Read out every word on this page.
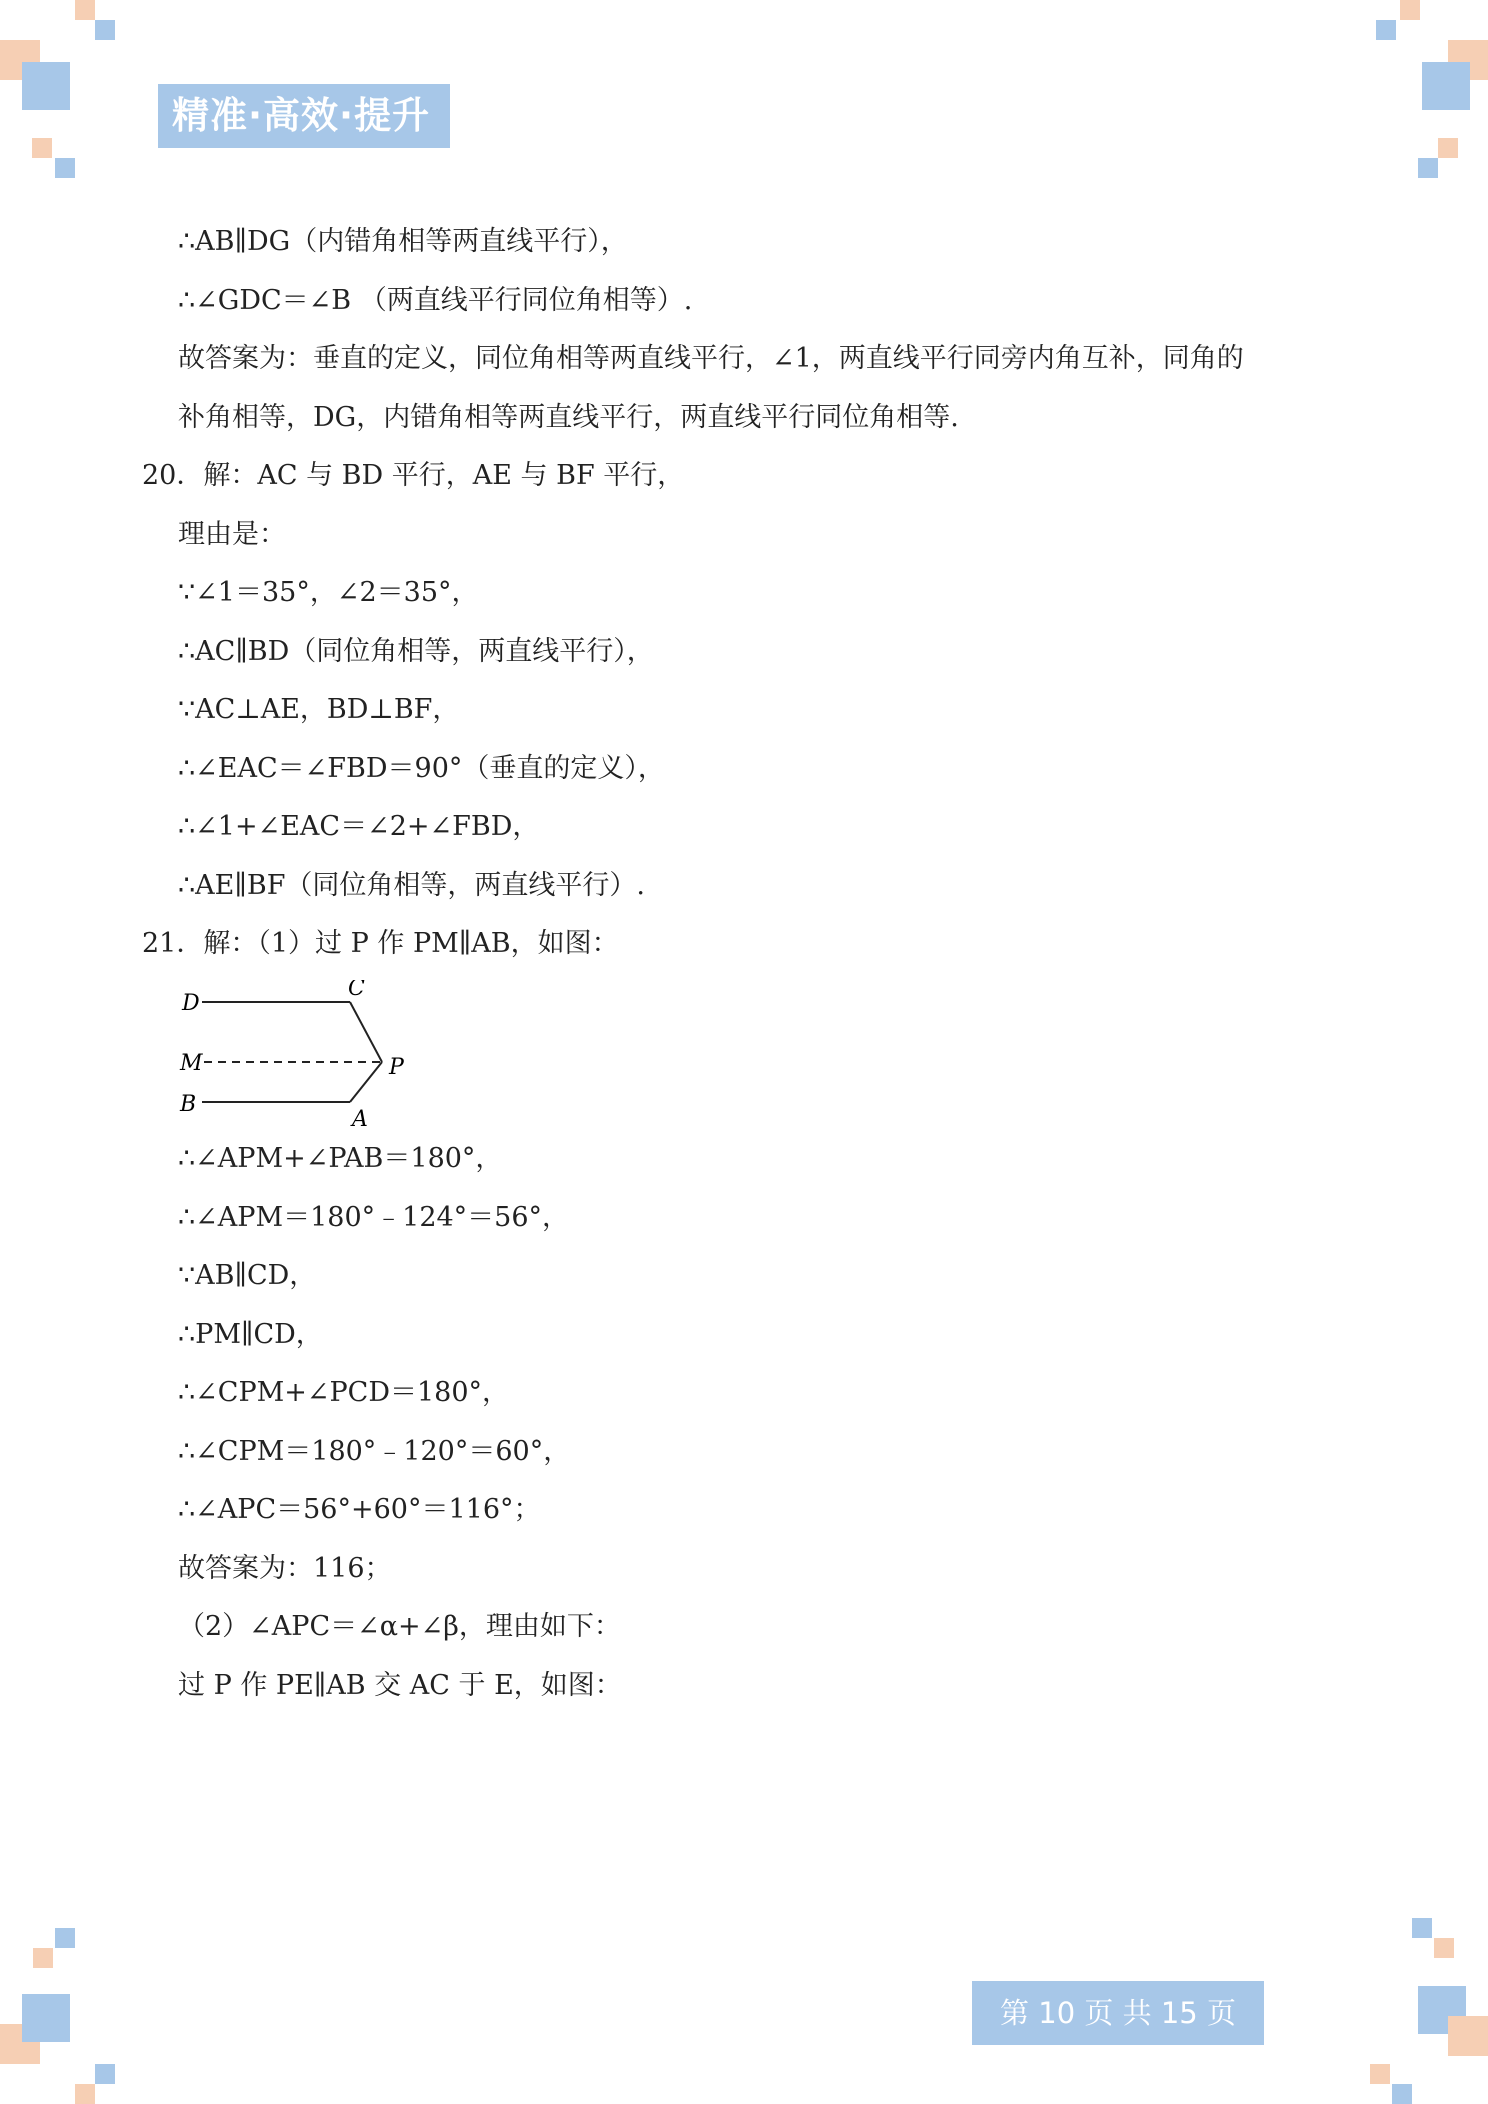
精准·高效·提升
∴AB∥DG（内错角相等两直线平行），
∴∠GDC＝∠B （两直线平行同位角相等）.
故答案为：垂直的定义，同位角相等两直线平行，∠1，两直线平行同旁内角互补，同角的
补角相等，DG，内错角相等两直线平行，两直线平行同位角相等.
20．解：AC 与 BD 平行，AE 与 BF 平行，
理由是：
∵∠1＝35°，∠2＝35°，
∴AC∥BD（同位角相等，两直线平行），
∵AC⊥AE，BD⊥BF，
∴∠EAC＝∠FBD＝90°（垂直的定义），
∴∠1+∠EAC＝∠2+∠FBD，
∴AE∥BF（同位角相等，两直线平行）.
21．解：（1）过 P 作 PM∥AB，如图：
D
C
M	P
B
A
∴∠APM+∠PAB＝180°，
∴∠APM＝180°﹣124°＝56°，
∵AB∥CD，
∴PM∥CD，
∴∠CPM+∠PCD＝180°，
∴∠CPM＝180°﹣120°＝60°，
∴∠APC＝56°+60°＝116°；
故答案为：116；
（2）∠APC＝∠α+∠β，理由如下：
过 P 作 PE∥AB 交 AC 于 E，如图：
第 10 页 共 15 页
